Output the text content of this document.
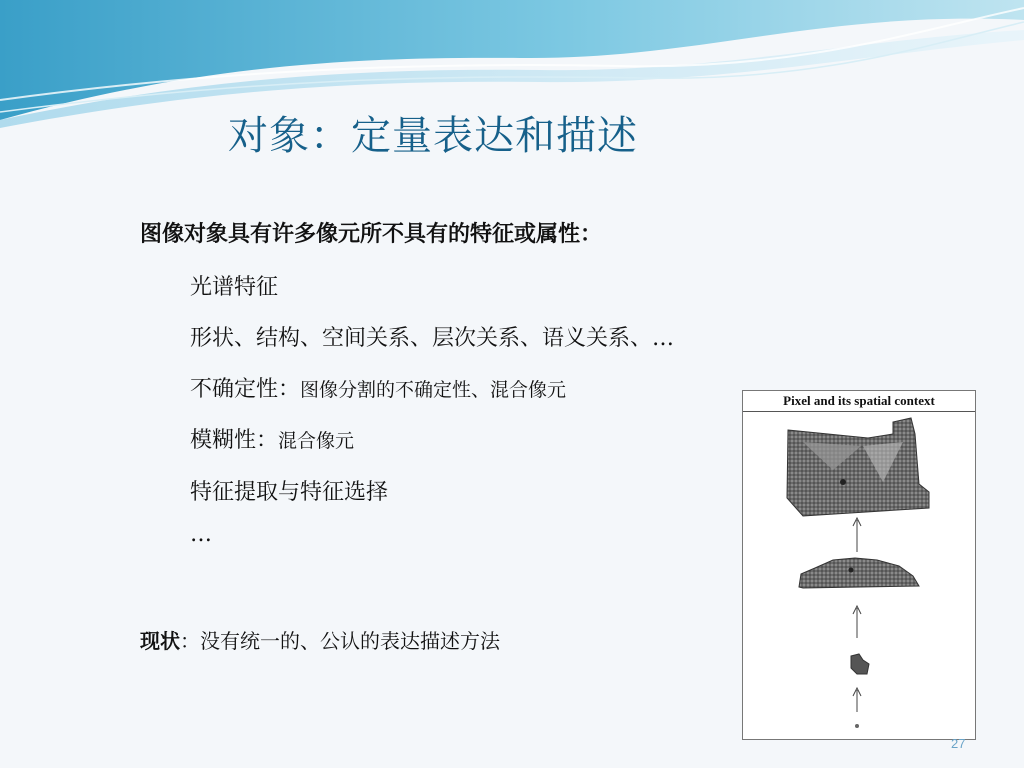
对象：定量表达和描述
图像对象具有许多像元所不具有的特征或属性：
光谱特征
形状、结构、空间关系、层次关系、语义关系、…
不确定性：图像分割的不确定性、混合像元
模糊性：混合像元
特征提取与特征选择
…
现状：没有统一的、公认的表达描述方法
Pixel and its spatial context
27
